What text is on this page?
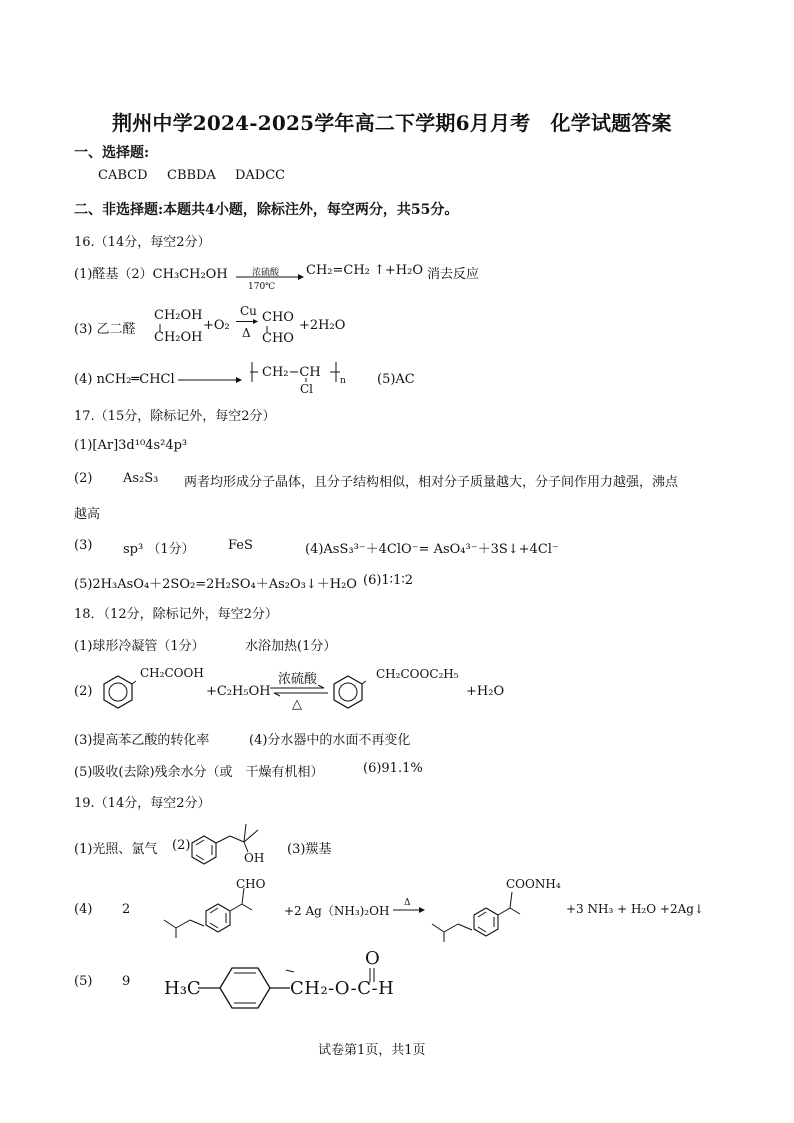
荆州中学2024-2025学年高二下学期6月月考　化学试题答案
一、选择题:
CABCD CBBDA DADCC
二、非选择题:本题共4小题，除标注外，每空两分，共55分。
16.（14分，每空2分）
(1)醛基（2）CH₃CH₂OH	浓硫酸
170℃
CH₂=CH₂ ↑+H₂O 消去反应
(3) 乙二醛
CH₂OH
CH₂OH
+O₂
Cu
Δ
CHO
CHO
+2H₂O
(4) nCH₂═CHCl → CH₂−CH
Cl
n (5)AC
17.（15分，除标记外，每空2分）
(1)[Ar]3d¹⁰4s²4p³
(2) As₂S₃ 两者均形成分子晶体，且分子结构相似，相对分子质量越大，分子间作用力越强，沸点
越高
(3) sp³ （1分）	FeS	(4)AsS₃³⁻＋4ClO⁻= AsO₄³⁻＋3S↓+4Cl⁻
(5)2H₃AsO₄＋2SO₂=2H₂SO₄＋As₂O₃↓＋H₂O (6)1∶1∶2
18．（12分，除标记外，每空2分）
(1)球形冷凝管（1分）	水浴加热(1分）
(2)
CH₂COOH
+C₂H₅OH
浓硫酸
△
CH₂COOC₂H₅
+H₂O
(3)提高苯乙酸的转化率	(4)分水器中的水面不再变化
(5)吸收(去除)残余水分（或　干燥有机相）	(6)91.1%
19.（14分，每空2分）
(1)光照、氯气 (2)
OH
(3)羰基
(4) 2
CHO
+2 Ag（NH₃)₂OH
Δ
COONH₄
+3 NH₃ + H₂O +2Ag↓
(5) 9 H₃C	CH₂-O-C-H
O
试卷第1页，共1页
